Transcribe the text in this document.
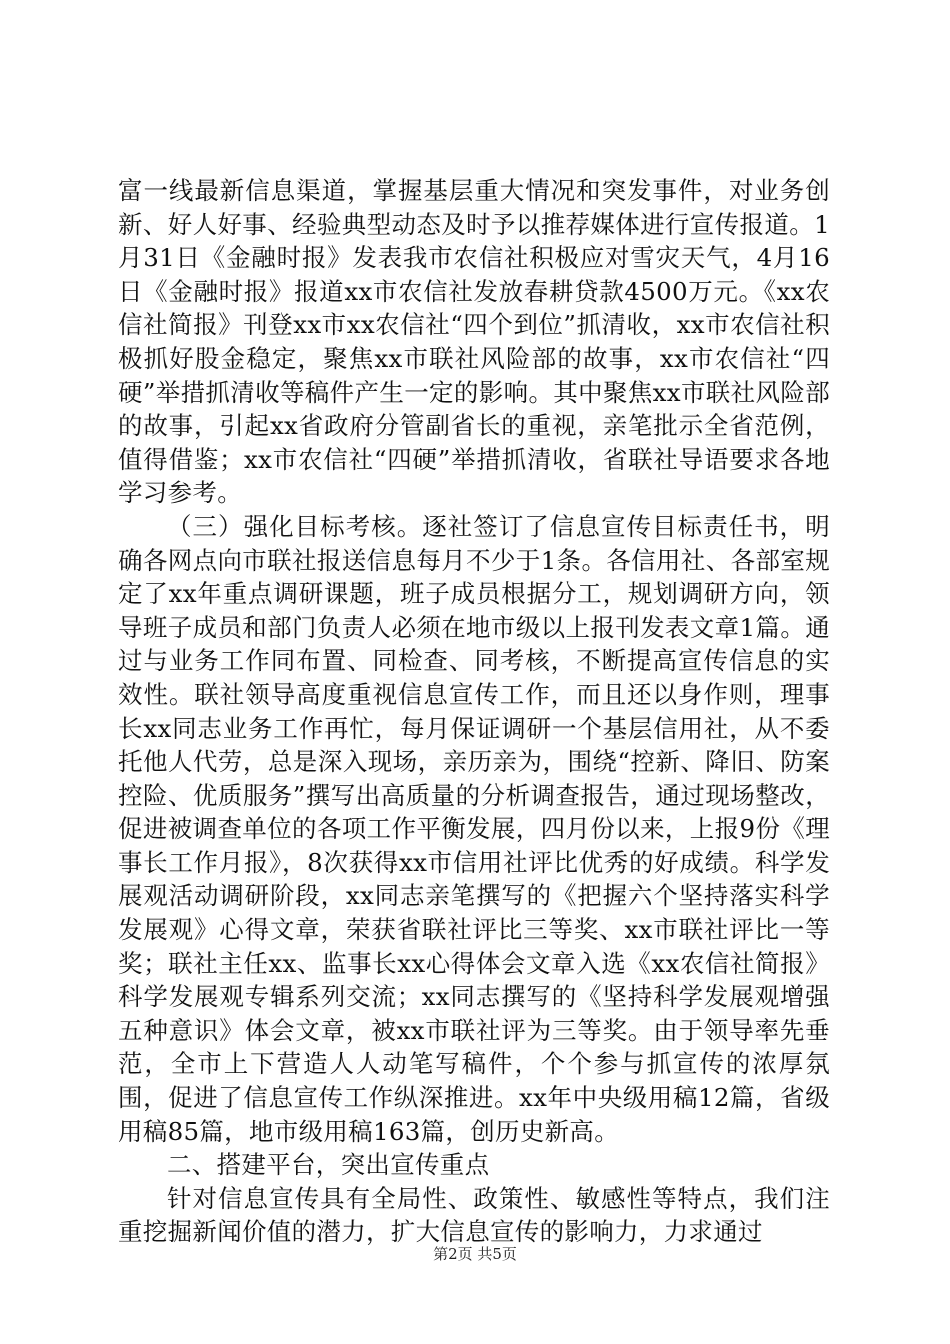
富一线最新信息渠道，掌握基层重大情况和突发事件，对业务创新、好人好事、经验典型动态及时予以推荐媒体进行宣传报道。1月31日《金融时报》发表我市农信社积极应对雪灾天气，4月16日《金融时报》报道xx市农信社发放春耕贷款4500万元。《xx农信社简报》刊登xx市xx农信社“四个到位”抓清收，xx市农信社积极抓好股金稳定，聚焦xx市联社风险部的故事，xx市农信社“四硬”举措抓清收等稿件产生一定的影响。其中聚焦xx市联社风险部的故事，引起xx省政府分管副省长的重视，亲笔批示全省范例，值得借鉴；xx市农信社“四硬”举措抓清收，省联社导语要求各地学习参考。

（三）强化目标考核。逐社签订了信息宣传目标责任书，明确各网点向市联社报送信息每月不少于1条。各信用社、各部室规定了xx年重点调研课题，班子成员根据分工，规划调研方向，领导班子成员和部门负责人必须在地市级以上报刊发表文章1篇。通过与业务工作同布置、同检查、同考核，不断提高宣传信息的实效性。联社领导高度重视信息宣传工作，而且还以身作则，理事长xx同志业务工作再忙，每月保证调研一个基层信用社，从不委托他人代劳，总是深入现场，亲历亲为，围绕“控新、降旧、防案控险、优质服务”撰写出高质量的分析调查报告，通过现场整改，促进被调查单位的各项工作平衡发展，四月份以来，上报9份《理事长工作月报》，8次获得xx市信用社评比优秀的好成绩。科学发展观活动调研阶段，xx同志亲笔撰写的《把握六个坚持落实科学发展观》心得文章，荣获省联社评比三等奖、xx市联社评比一等奖；联社主任xx、监事长xx心得体会文章入选《xx农信社简报》科学发展观专辑系列交流；xx同志撰写的《坚持科学发展观增强五种意识》体会文章，被xx市联社评为三等奖。由于领导率先垂范，全市上下营造人人动笔写稿件，个个参与抓宣传的浓厚氛围，促进了信息宣传工作纵深推进。xx年中央级用稿12篇，省级用稿85篇，地市级用稿163篇，创历史新高。

二、搭建平台，突出宣传重点

针对信息宣传具有全局性、政策性、敏感性等特点，我们注重挖掘新闻价值的潜力，扩大信息宣传的影响力，力求通过

第2页 共5页
